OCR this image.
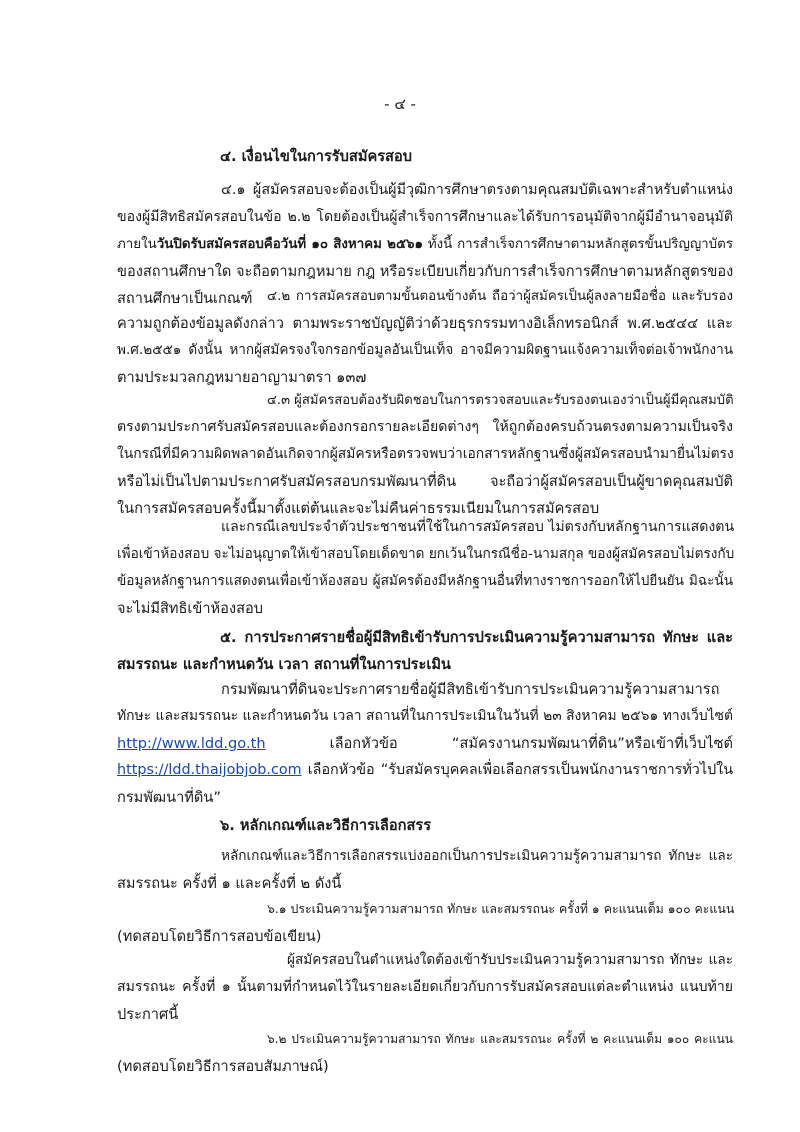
- ๔ -
๔. เงื่อนไขในการรับสมัครสอบ
๔.๑ ผู้สมัครสอบจะต้องเป็นผู้มีวุฒิการศึกษาตรงตามคุณสมบัติเฉพาะสำหรับตำแหน่ง
ของผู้มีสิทธิสมัครสอบในข้อ ๒.๒ โดยต้องเป็นผู้สำเร็จการศึกษาและได้รับการอนุมัติจากผู้มีอำนาจอนุมัติ
ภายในวันปิดรับสมัครสอบคือวันที่ ๑๐ สิงหาคม ๒๕๖๑ ทั้งนี้ การสำเร็จการศึกษาตามหลักสูตรขั้นปริญญาบัตร
ของสถานศึกษาใด จะถือตามกฎหมาย กฎ หรือระเบียบเกี่ยวกับการสำเร็จการศึกษาตามหลักสูตรของ
สถานศึกษาเป็นเกณฑ์	๔.๒ การสมัครสอบตามขั้นตอนข้างต้น ถือว่าผู้สมัครเป็นผู้ลงลายมือชื่อ และรับรอง
ความถูกต้องข้อมูลดังกล่าว ตามพระราชบัญญัติว่าด้วยธุรกรรมทางอิเล็กทรอนิกส์ พ.ศ.๒๕๔๔ และ
พ.ศ.๒๕๕๑ ดังนั้น หากผู้สมัครจงใจกรอกข้อมูลอันเป็นเท็จ อาจมีความผิดฐานแจ้งความเท็จต่อเจ้าพนักงาน
ตามประมวลกฎหมายอาญามาตรา ๑๓๗
๔.๓ ผู้สมัครสอบต้องรับผิดชอบในการตรวจสอบและรับรองตนเองว่าเป็นผู้มีคุณสมบัติ
ตรงตามประกาศรับสมัครสอบและต้องกรอกรายละเอียดต่างๆ ให้ถูกต้องครบถ้วนตรงตามความเป็นจริง
ในกรณีที่มีความผิดพลาดอันเกิดจากผู้สมัครหรือตรวจพบว่าเอกสารหลักฐานซึ่งผู้สมัครสอบนำมายื่นไม่ตรง
หรือไม่เป็นไปตามประกาศรับสมัครสอบกรมพัฒนาที่ดิน จะถือว่าผู้สมัครสอบเป็นผู้ขาดคุณสมบัติ
ในการสมัครสอบครั้งนี้มาตั้งแต่ต้นและจะไม่คืนค่าธรรมเนียมในการสมัครสอบ
และกรณีเลขประจำตัวประชาชนที่ใช้ในการสมัครสอบ ไม่ตรงกับหลักฐานการแสดงตน
เพื่อเข้าห้องสอบ จะไม่อนุญาตให้เข้าสอบโดยเด็ดขาด ยกเว้นในกรณีชื่อ-นามสกุล ของผู้สมัครสอบไม่ตรงกับ
ข้อมูลหลักฐานการแสดงตนเพื่อเข้าห้องสอบ ผู้สมัครต้องมีหลักฐานอื่นที่ทางราชการออกให้ไปยืนยัน มิฉะนั้น
จะไม่มีสิทธิเข้าห้องสอบ
๕. การประกาศรายชื่อผู้มีสิทธิเข้ารับการประเมินความรู้ความสามารถ ทักษะ และ
สมรรถนะ และกำหนดวัน เวลา สถานที่ในการประเมิน
กรมพัฒนาที่ดินจะประกาศรายชื่อผู้มีสิทธิเข้ารับการประเมินความรู้ความสามารถ
ทักษะ และสมรรถนะ และกำหนดวัน เวลา สถานที่ในการประเมินในวันที่ ๒๓ สิงหาคม ๒๕๖๑ ทางเว็บไซต์
http://www.ldd.go.th	เลือกหัวข้อ “สมัครงานกรมพัฒนาที่ดิน”หรือเข้าที่เว็บไซต์
https://ldd.thaijobjob.com เลือกหัวข้อ “รับสมัครบุคคลเพื่อเลือกสรรเป็นพนักงานราชการทั่วไปใน
กรมพัฒนาที่ดิน”
๖. หลักเกณฑ์และวิธีการเลือกสรร
หลักเกณฑ์และวิธีการเลือกสรรแบ่งออกเป็นการประเมินความรู้ความสามารถ ทักษะ และ
สมรรถนะ ครั้งที่ ๑ และครั้งที่ ๒ ดังนี้
๖.๑ ประเมินความรู้ความสามารถ ทักษะ และสมรรถนะ ครั้งที่ ๑ คะแนนเต็ม ๑๐๐ คะแนน
(ทดสอบโดยวิธีการสอบข้อเขียน)
ผู้สมัครสอบในตำแหน่งใดต้องเข้ารับประเมินความรู้ความสามารถ ทักษะ และ
สมรรถนะ ครั้งที่ ๑ นั้นตามที่กำหนดไว้ในรายละเอียดเกี่ยวกับการรับสมัครสอบแต่ละตำแหน่ง แนบท้าย
ประกาศนี้
๖.๒ ประเมินความรู้ความสามารถ ทักษะ และสมรรถนะ ครั้งที่ ๒ คะแนนเต็ม ๑๐๐ คะแนน
(ทดสอบโดยวิธีการสอบสัมภาษณ์)
